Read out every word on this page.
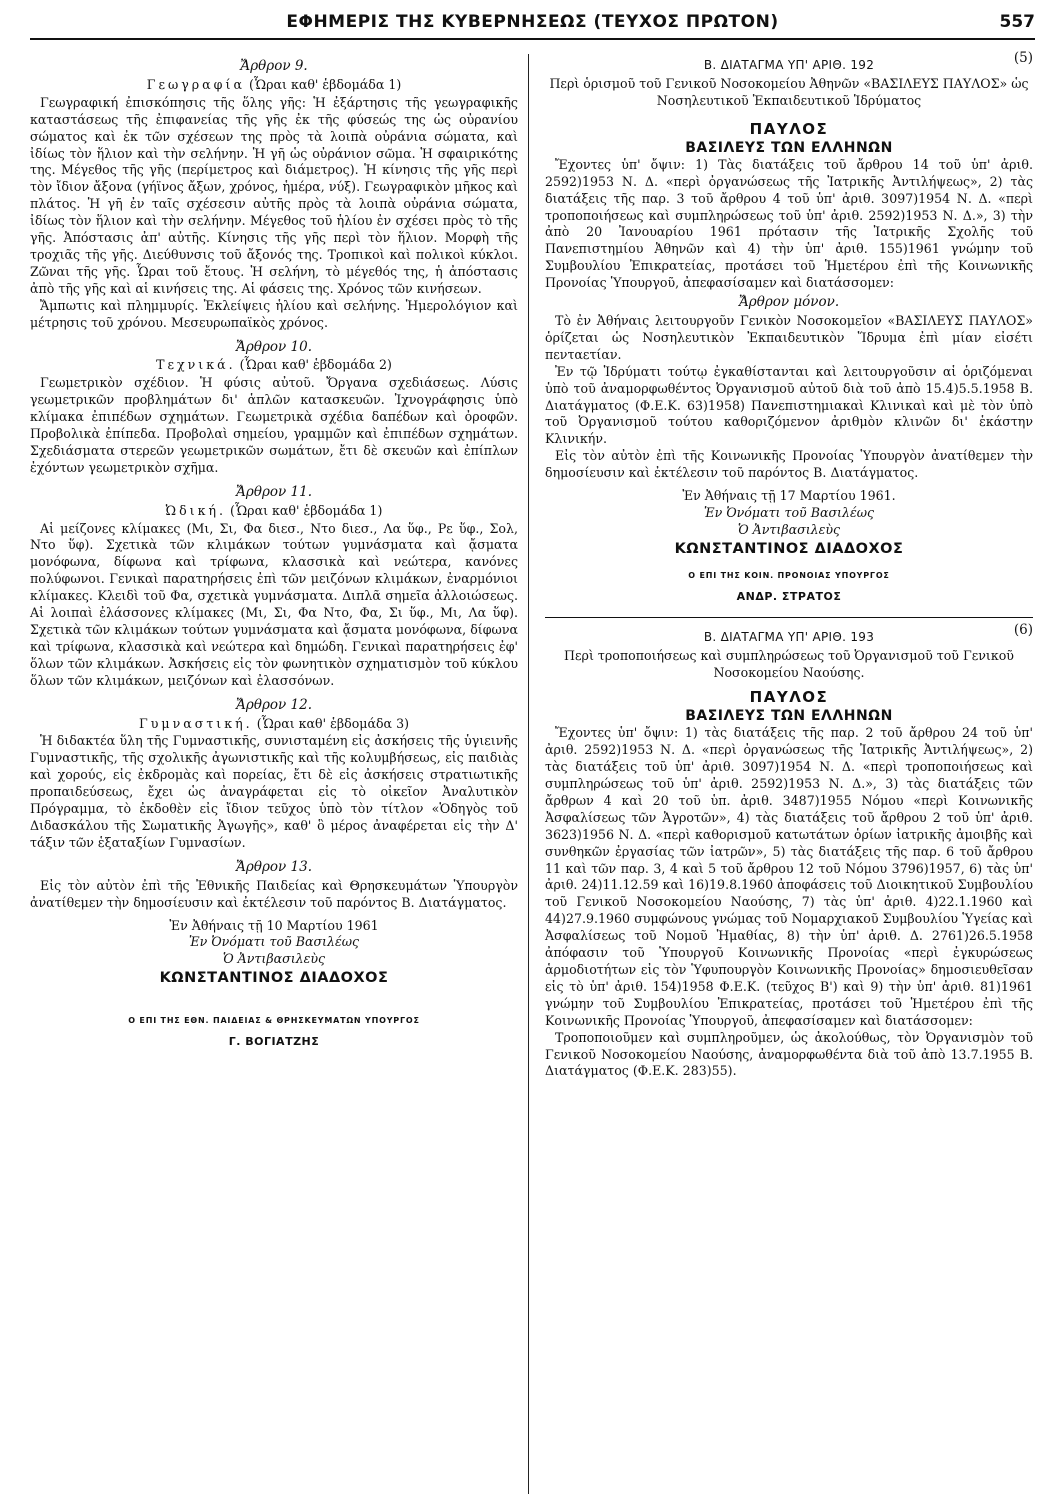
ΕΦΗΜΕΡΙΣ ΤΗΣ ΚΥΒΕΡΝΗΣΕΩΣ (ΤΕΥΧΟΣ ΠΡΩΤΟΝ)	557

Ἄρθρον 9.

Γεωγραφία (Ὧραι καθ' ἑβδομάδα 1)

Γεωγραφική ἐπισκόπησις τῆς ὅλης γῆς: Ἡ ἐξάρτησις τῆς γεωγραφικῆς καταστάσεως τῆς ἐπιφανείας τῆς γῆς ἐκ τῆς φύσεώς της ὡς οὐρανίου σώματος καὶ ἐκ τῶν σχέσεων της πρὸς τὰ λοιπὰ οὐράνια σώματα, καὶ ἰδίως τὸν ἥλιον καὶ τὴν σελήνην. Ἡ γῆ ὡς οὐράνιον σῶμα. Ἡ σφαιρικότης της. Μέγεθος τῆς γῆς (περίμετρος καὶ διάμετρος). Ἡ κίνησις τῆς γῆς περὶ τὸν ἴδιον ἄξονα (γήϊνος ἄξων, χρόνος, ἡμέρα, νύξ). Γεωγραφικὸν μῆκος καὶ πλάτος. Ἡ γῆ ἐν ταῖς σχέσεσιν αὐτῆς πρὸς τὰ λοιπὰ οὐράνια σώματα, ἰδίως τὸν ἥλιον καὶ τὴν σελήνην. Μέγεθος τοῦ ἡλίου ἐν σχέσει πρὸς τὸ τῆς γῆς. Ἀπόστασις ἀπ' αὐτῆς. Κίνησις τῆς γῆς περὶ τὸν ἥλιον. Μορφὴ τῆς τροχιᾶς τῆς γῆς. Διεύθυνσις τοῦ ἄξονός της. Τροπικοὶ καὶ πολικοὶ κύκλοι. Ζῶναι τῆς γῆς. Ὧραι τοῦ ἔτους. Ἡ σελήνη, τὸ μέγεθός της, ἡ ἀπόστασις ἀπὸ τῆς γῆς καὶ αἱ κινήσεις της. Αἱ φάσεις της. Χρόνος τῶν κινήσεων.

Ἄμπωτις καὶ πλημμυρίς. Ἐκλείψεις ἡλίου καὶ σελήνης. Ἡμερολόγιον καὶ μέτρησις τοῦ χρόνου. Μεσευρωπαϊκὸς χρόνος.

Ἄρθρον 10.

Τεχνικά. (Ὧραι καθ' ἑβδομάδα 2)

Γεωμετρικὸν σχέδιον. Ἡ φύσις αὐτοῦ. Ὄργανα σχεδιάσεως. Λύσις γεωμετρικῶν προβλημάτων δι' ἁπλῶν κατασκευῶν. Ἰχνογράφησις ὑπὸ κλίμακα ἐπιπέδων σχημάτων. Γεωμετρικὰ σχέδια δαπέδων καὶ ὀροφῶν. Προβολικὰ ἐπίπεδα. Προβολαὶ σημείου, γραμμῶν καὶ ἐπιπέδων σχημάτων. Σχεδιάσματα στερεῶν γεωμετρικῶν σωμάτων, ἔτι δὲ σκευῶν καὶ ἐπίπλων ἐχόντων γεωμετρικὸν σχῆμα.

Ἄρθρον 11.

Ὠδική. (Ὧραι καθ' ἑβδομάδα 1)

Αἱ μείζονες κλίμακες (Μι, Σι, Φα διεσ., Ντο διεσ., Λα ὕφ., Ρε ὕφ., Σολ, Ντο ὕφ). Σχετικὰ τῶν κλιμάκων τούτων γυμνάσματα καὶ ᾄσματα μονόφωνα, δίφωνα καὶ τρίφωνα, κλασσικὰ καὶ νεώτερα, κανόνες πολύφωνοι. Γενικαὶ παρατηρήσεις ἐπὶ τῶν μειζόνων κλιμάκων, ἐναρμόνιοι κλίμακες. Κλειδὶ τοῦ Φα, σχετικὰ γυμνάσματα. Διπλᾶ σημεῖα ἀλλοιώσεως. Αἱ λοιπαὶ ἐλάσσονες κλίμακες (Μι, Σι, Φα Ντο, Φα, Σι ὕφ., Μι, Λα ὕφ). Σχετικὰ τῶν κλιμάκων τούτων γυμνάσματα καὶ ᾄσματα μονόφωνα, δίφωνα καὶ τρίφωνα, κλασσικὰ καὶ νεώτερα καὶ δημώδη. Γενικαὶ παρατηρήσεις ἐφ' ὅλων τῶν κλιμάκων. Ἀσκήσεις εἰς τὸν φωνητικὸν σχηματισμὸν τοῦ κύκλου ὅλων τῶν κλιμάκων, μειζόνων καὶ ἐλασσόνων.

Ἄρθρον 12.

Γυμναστική. (Ὧραι καθ' ἑβδομάδα 3)

Ἡ διδακτέα ὕλη τῆς Γυμναστικῆς, συνισταμένη εἰς ἀσκήσεις τῆς ὑγιεινῆς Γυμναστικῆς, τῆς σχολικῆς ἀγωνιστικῆς καὶ τῆς κολυμβήσεως, εἰς παιδιὰς καὶ χορούς, εἰς ἐκδρομὰς καὶ πορείας, ἔτι δὲ εἰς ἀσκήσεις στρατιωτικῆς προπαιδεύσεως, ἔχει ὡς ἀναγράφεται εἰς τὸ οἰκεῖον Ἀναλυτικὸν Πρόγραμμα, τὸ ἐκδοθὲν εἰς ἴδιον τεῦχος ὑπὸ τὸν τίτλον «Ὁδηγὸς τοῦ Διδασκάλου τῆς Σωματικῆς Ἀγωγῆς», καθ' ὃ μέρος ἀναφέρεται εἰς τὴν Δ' τάξιν τῶν ἑξαταξίων Γυμνασίων.

Ἄρθρον 13.

Εἰς τὸν αὐτὸν ἐπὶ τῆς Ἐθνικῆς Παιδείας καὶ Θρησκευμάτων Ὑπουργὸν ἀνατίθεμεν τὴν δημοσίευσιν καὶ ἐκτέλεσιν τοῦ παρόντος Β. Διατάγματος.

Ἐν Ἀθήναις τῇ 10 Μαρτίου 1961

Ἐν Ὀνόματι τοῦ Βασιλέως

Ὁ Ἀντιβασιλεὺς

ΚΩΝΣΤΑΝΤΙΝΟΣ ΔΙΑΔΟΧΟΣ

Ο ΕΠΙ ΤΗΣ ΕΘΝ. ΠΑΙΔΕΙΑΣ & ΘΡΗΣΚΕΥΜΑΤΩΝ ΥΠΟΥΡΓΟΣ

Γ. ΒΟΓΙΑΤΖΗΣ

Β. ΔΙΑΤΑΓΜΑ ΥΠ' ΑΡΙΘ. 192	(5)

Περὶ ὁρισμοῦ τοῦ Γενικοῦ Νοσοκομείου Ἀθηνῶν «ΒΑΣΙΛΕΥΣ ΠΑΥΛΟΣ» ὡς Νοσηλευτικοῦ Ἐκπαιδευτικοῦ Ἱδρύματος

ΠΑΥΛΟΣ

ΒΑΣΙΛΕΥΣ ΤΩΝ ΕΛΛΗΝΩΝ

Ἔχοντες ὑπ' ὄψιν: 1) Τὰς διατάξεις τοῦ ἄρθρου 14 τοῦ ὑπ' ἀριθ. 2592)1953 Ν. Δ. «περὶ ὀργανώσεως τῆς Ἰατρικῆς Ἀντιλήψεως», 2) τὰς διατάξεις τῆς παρ. 3 τοῦ ἄρθρου 4 τοῦ ὑπ' ἀριθ. 3097)1954 Ν. Δ. «περὶ τροποποιήσεως καὶ συμπληρώσεως τοῦ ὑπ' ἀριθ. 2592)1953 Ν. Δ.», 3) τὴν ἀπὸ 20 Ἰανουαρίου 1961 πρότασιν τῆς Ἰατρικῆς Σχολῆς τοῦ Πανεπιστημίου Ἀθηνῶν καὶ 4) τὴν ὑπ' ἀριθ. 155)1961 γνώμην τοῦ Συμβουλίου Ἐπικρατείας, προτάσει τοῦ Ἡμετέρου ἐπὶ τῆς Κοινωνικῆς Προνοίας Ὑπουργοῦ, ἀπεφασίσαμεν καὶ διατάσσομεν:

Ἄρθρον μόνον.

Τὸ ἐν Ἀθήναις λειτουργοῦν Γενικὸν Νοσοκομεῖον «ΒΑΣΙΛΕΥΣ ΠΑΥΛΟΣ» ὁρίζεται ὡς Νοσηλευτικὸν Ἐκπαιδευτικὸν Ἵδρυμα ἐπὶ μίαν εἰσέτι πενταετίαν.

Ἐν τῷ Ἱδρύματι τούτῳ ἐγκαθίστανται καὶ λειτουργοῦσιν αἱ ὁριζόμεναι ὑπὸ τοῦ ἀναμορφωθέντος Ὀργανισμοῦ αὐτοῦ διὰ τοῦ ἀπὸ 15.4)5.5.1958 Β. Διατάγματος (Φ.Ε.Κ. 63)1958) Πανεπιστημιακαὶ Κλινικαὶ καὶ μὲ τὸν ὑπὸ τοῦ Ὀργανισμοῦ τούτου καθοριζόμενον ἀριθμὸν κλινῶν δι' ἑκάστην Κλινικήν.

Εἰς τὸν αὐτὸν ἐπὶ τῆς Κοινωνικῆς Προνοίας Ὑπουργὸν ἀνατίθεμεν τὴν δημοσίευσιν καὶ ἐκτέλεσιν τοῦ παρόντος Β. Διατάγματος.

Ἐν Ἀθήναις τῇ 17 Μαρτίου 1961.

Ἐν Ὀνόματι τοῦ Βασιλέως

Ὁ Ἀντιβασιλεὺς

ΚΩΝΣΤΑΝΤΙΝΟΣ ΔΙΑΔΟΧΟΣ

Ο ΕΠΙ ΤΗΣ ΚΟΙΝ. ΠΡΟΝΟΙΑΣ ΥΠΟΥΡΓΟΣ

ΑΝΔΡ. ΣΤΡΑΤΟΣ

Β. ΔΙΑΤΑΓΜΑ ΥΠ' ΑΡΙΘ. 193	(6)

Περὶ τροποποιήσεως καὶ συμπληρώσεως τοῦ Ὀργανισμοῦ τοῦ Γενικοῦ Νοσοκομείου Ναούσης.

ΠΑΥΛΟΣ

ΒΑΣΙΛΕΥΣ ΤΩΝ ΕΛΛΗΝΩΝ

Ἔχοντες ὑπ' ὄψιν: 1) τὰς διατάξεις τῆς παρ. 2 τοῦ ἄρθρου 24 τοῦ ὑπ' ἀριθ. 2592)1953 Ν. Δ. «περὶ ὀργανώσεως τῆς Ἰατρικῆς Ἀντιλήψεως», 2) τὰς διατάξεις τοῦ ὑπ' ἀριθ. 3097)1954 Ν. Δ. «περὶ τροποποιήσεως καὶ συμπληρώσεως τοῦ ὑπ' ἀριθ. 2592)1953 Ν. Δ.», 3) τὰς διατάξεις τῶν ἄρθρων 4 καὶ 20 τοῦ ὑπ. ἀριθ. 3487)1955 Νόμου «περὶ Κοινωνικῆς Ἀσφαλίσεως τῶν Ἀγροτῶν», 4) τὰς διατάξεις τοῦ ἄρθρου 2 τοῦ ὑπ' ἀριθ. 3623)1956 Ν. Δ. «περὶ καθορισμοῦ κατωτάτων ὁρίων ἰατρικῆς ἀμοιβῆς καὶ συνθηκῶν ἐργασίας τῶν ἰατρῶν», 5) τὰς διατάξεις τῆς παρ. 6 τοῦ ἄρθρου 11 καὶ τῶν παρ. 3, 4 καὶ 5 τοῦ ἄρθρου 12 τοῦ Νόμου 3796)1957, 6) τὰς ὑπ' ἀριθ. 24)11.12.59 καὶ 16)19.8.1960 ἀποφάσεις τοῦ Διοικητικοῦ Συμβουλίου τοῦ Γενικοῦ Νοσοκομείου Ναούσης, 7) τὰς ὑπ' ἀριθ. 4)22.1.1960 καὶ 44)27.9.1960 συμφώνους γνώμας τοῦ Νομαρχιακοῦ Συμβουλίου Ὑγείας καὶ Ἀσφαλίσεως τοῦ Νομοῦ Ἠμαθίας, 8) τὴν ὑπ' ἀριθ. Δ. 2761)26.5.1958 ἀπόφασιν τοῦ Ὑπουργοῦ Κοινωνικῆς Προνοίας «περὶ ἐγκυρώσεως ἁρμοδιοτήτων εἰς τὸν Ὑφυπουργὸν Κοινωνικῆς Προνοίας» δημοσιευθεῖσαν εἰς τὸ ὑπ' ἀριθ. 154)1958 Φ.Ε.Κ. (τεῦχος Β') καὶ 9) τὴν ὑπ' ἀριθ. 81)1961 γνώμην τοῦ Συμβουλίου Ἐπικρατείας, προτάσει τοῦ Ἡμετέρου ἐπὶ τῆς Κοινωνικῆς Προνοίας Ὑπουργοῦ, ἀπεφασίσαμεν καὶ διατάσσομεν:

Τροποποιοῦμεν καὶ συμπληροῦμεν, ὡς ἀκολούθως, τὸν Ὀργανισμὸν τοῦ Γενικοῦ Νοσοκομείου Ναούσης, ἀναμορφωθέντα διὰ τοῦ ἀπὸ 13.7.1955 Β. Διατάγματος (Φ.Ε.Κ. 283)55).
